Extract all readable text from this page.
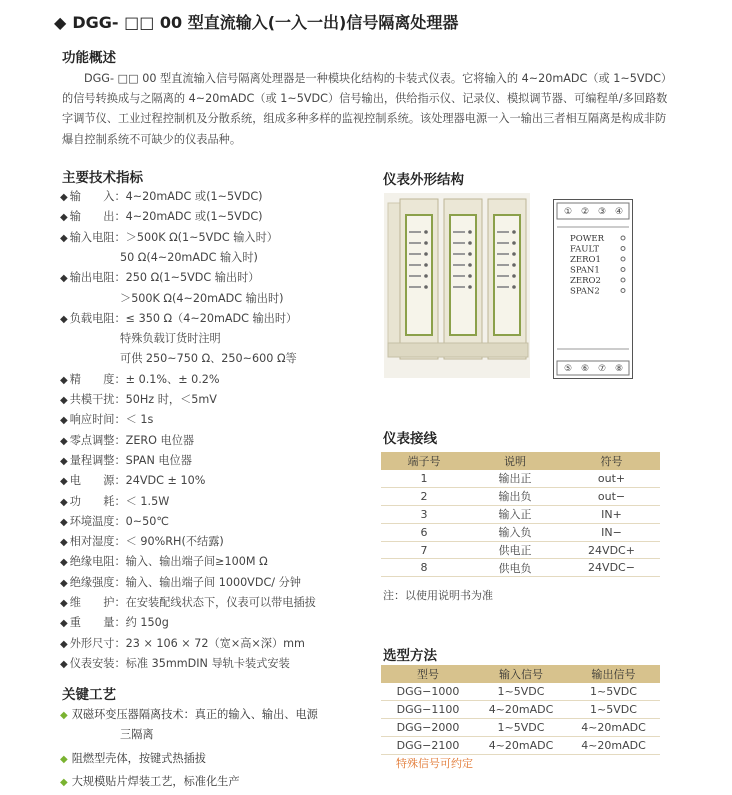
◆ DGG- □□ 00 型直流输入(一入一出)信号隔离处理器
功能概述
DGG- □□ 00 型直流输入信号隔离处理器是一种模块化结构的卡装式仪表。它将输入的 4~20mADC（或 1~5VDC）的信号转换成与之隔离的 4~20mADC（或 1~5VDC）信号输出，供给指示仪、记录仪、模拟调节器、可编程单/多回路数字调节仪、工业过程控制机及分散系统，组成多种多样的监视控制系统。该处理器电源一入一输出三者相互隔离是构成非防爆自控制系统不可缺少的仪表品种。
主要技术指标
◆ 输　　入：4~20mADC 或(1~5VDC)
◆ 输　　出：4~20mADC 或(1~5VDC)
◆ 输入电阻：＞500K Ω(1~5VDC 输入时）
50 Ω(4~20mADC 输入时)
◆ 输出电阻：250 Ω(1~5VDC 输出时）
＞500K Ω(4~20mADC 输出时)
◆ 负载电阻：≤ 350 Ω（4~20mADC 输出时）
特殊负载订货时注明
可供 250~750 Ω、250~600 Ω等
◆ 精　　度：± 0.1%、± 0.2%
◆ 共模干扰：50Hz 时，＜5mV
◆ 响应时间：＜ 1s
◆ 零点调整：ZERO 电位器
◆ 量程调整：SPAN 电位器
◆ 电　　源：24VDC ± 10%
◆ 功　　耗：＜ 1.5W
◆ 环境温度：0~50℃
◆ 相对湿度：＜ 90%RH(不结露)
◆ 绝缘电阻：输入、输出端子间≥100M Ω
◆ 绝缘强度：输入、输出端子间 1000VDC/ 分钟
◆ 维　　护：在安装配线状态下，仪表可以带电插拔
◆ 重　　量：约 150g
◆ 外形尺寸：23 × 106 × 72（宽×高×深）mm
◆ 仪表安装：标准 35mmDIN 导轨卡装式安装
关键工艺
◆ 双磁环变压器隔离技术：真正的输入、输出、电源
三隔离
◆ 阻燃型壳体，按键式热插拔
◆ 大规模贴片焊装工艺，标准化生产
仪表外形结构
① ② ③ ④
⑤ ⑥ ⑦ ⑧
POWER
FAULT
ZERO1
SPAN1
ZERO2
SPAN2
仪表接线
端子号	说明	符号
1	输出正	out+
2	输出负	out−
3	输入正	IN+
6	输入负	IN−
7	供电正	24VDC+
8	供电负	24VDC−
注：以使用说明书为准
选型方法
型号	输入信号	输出信号
DGG−1000	1~5VDC	1~5VDC
DGG−1100	4~20mADC	1~5VDC
DGG−2000	1~5VDC	4~20mADC
DGG−2100	4~20mADC	4~20mADC
特殊信号可约定
